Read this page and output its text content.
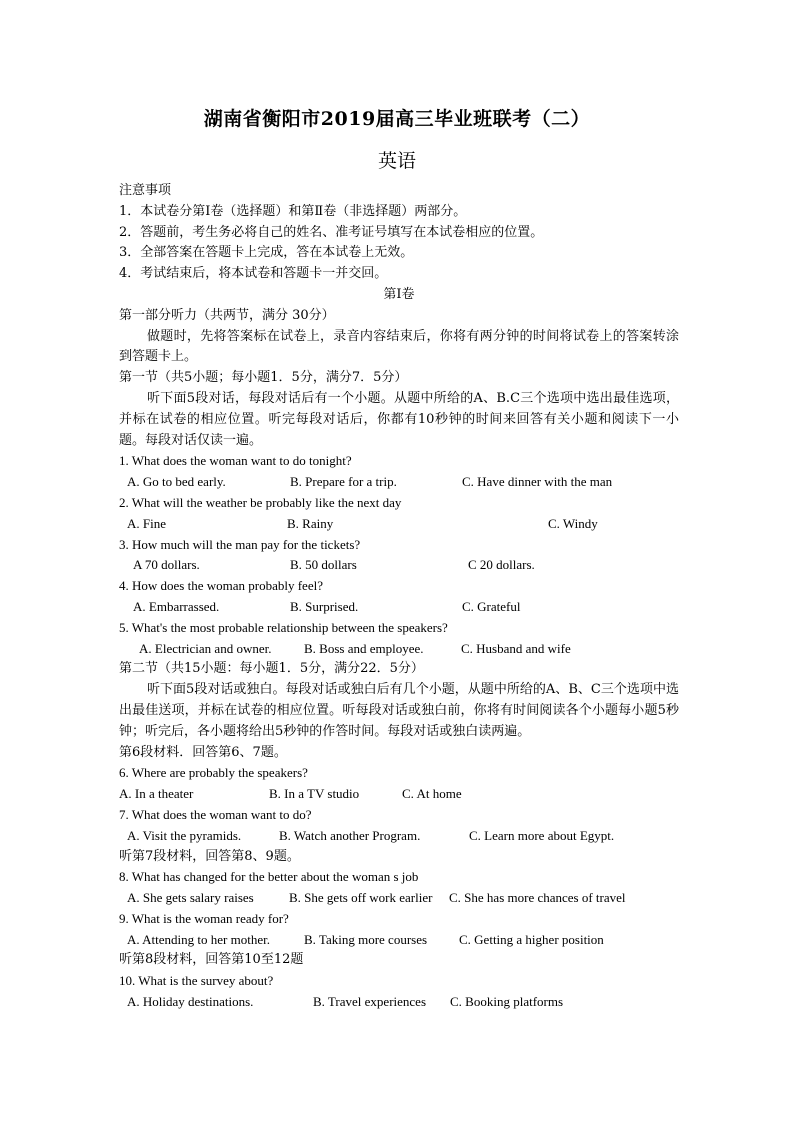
湖南省衡阳市2019届高三毕业班联考（二）
英语

注意事项

1．本试卷分第Ⅰ卷（选择题）和第Ⅱ卷（非选择题）两部分。

2．答题前，考生务必将自己的姓名、准考证号填写在本试卷相应的位置。

3．全部答案在答题卡上完成，答在本试卷上无效。

4．考试结束后，将本试卷和答题卡一并交回。

第Ⅰ卷

第一部分听力（共两节，满分 30分）

做题时，先将答案标在试卷上，录音内容结束后，你将有两分钟的时间将试卷上的答案转涂到答题卡上。

第一节（共5小题；每小题1．5分，满分7．5分）

听下面5段对话，每段对话后有一个小题。从题中所给的A、B.C三个选项中选出最佳选项，并标在试卷的相应位置。听完每段对话后，你都有10秒钟的时间来回答有关小题和阅读下一小题。每段对话仅读一遍。

1. What does the woman want to do tonight?

A. Go to bed early.	B. Prepare for a trip.	C. Have dinner with the man

2. What will the weather be probably like the next day

A. Fine	B. Rainy	C. Windy

3. How much will the man pay for the tickets?

A 70 dollars.	B. 50 dollars	C 20 dollars.

4. How does the woman probably feel?

A. Embarrassed.	B. Surprised.	C. Grateful

5. What's the most probable relationship between the speakers?

A. Electrician and owner.	B. Boss and employee.	C. Husband and wife

第二节（共15小题：每小题1．5分，满分22．5分）

听下面5段对话或独白。每段对话或独白后有几个小题，从题中所给的A、B、C三个选项中选出最佳送项，并标在试卷的相应位置。听每段对话或独白前，你将有时间阅读各个小题每小题5秒钟；听完后，各小题将给出5秒钟的作答时间。每段对话或独白读两遍。

第6段材料．回答第6、7题。

6. Where are probably the speakers?

A. In a theater	B. In a TV studio	C. At home

7. What does the woman want to do?

A. Visit the pyramids.	B. Watch another Program.	C. Learn more about Egypt.

听第7段材料，回答第8、9题。

8. What has changed for the better about the woman s job

A. She gets salary raises	B. She gets off work earlier	C. She has more chances of travel

9. What is the woman ready for?

A. Attending to her mother.	B. Taking more courses	C. Getting a higher position

听第8段材料，回答第10至12题

10. What is the survey about?

A. Holiday destinations.	B. Travel experiences	C. Booking platforms
